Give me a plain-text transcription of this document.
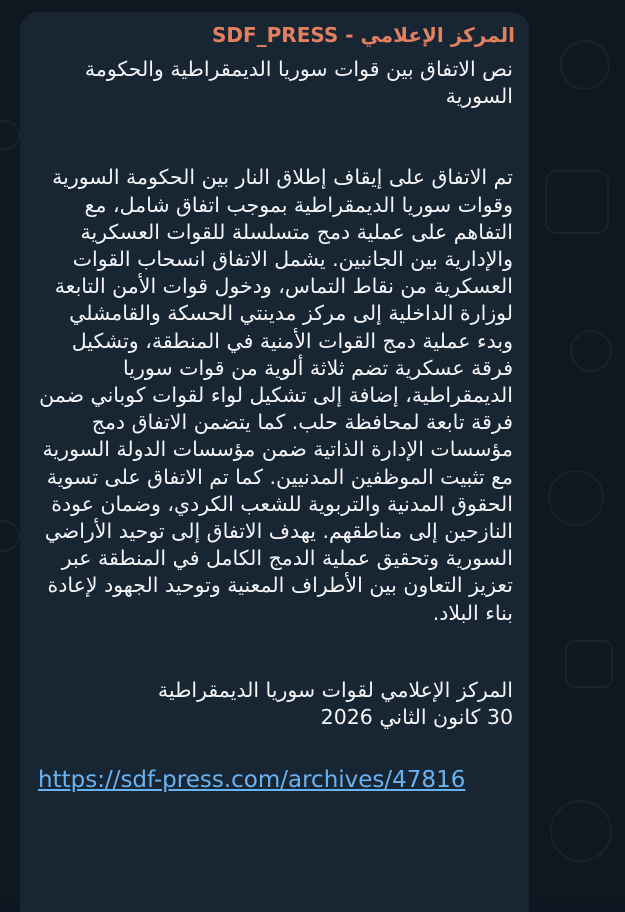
المركز الإعلامي - SDF_PRESS

نص الاتفاق بين قوات سوريا الديمقراطية والحكومة السورية

تم الاتفاق على إيقاف إطلاق النار بين الحكومة السورية وقوات سوريا الديمقراطية بموجب اتفاق شامل، مع التفاهم على عملية دمج متسلسلة للقوات العسكرية والإدارية بين الجانبين. يشمل الاتفاق انسحاب القوات العسكرية من نقاط التماس، ودخول قوات الأمن التابعة لوزارة الداخلية إلى مركز مدينتي الحسكة والقامشلي وبدء عملية دمج القوات الأمنية في المنطقة، وتشكيل فرقة عسكرية تضم ثلاثة ألوية من قوات سوريا الديمقراطية، إضافة إلى تشكيل لواء لقوات كوباني ضمن فرقة تابعة لمحافظة حلب. كما يتضمن الاتفاق دمج مؤسسات الإدارة الذاتية ضمن مؤسسات الدولة السورية مع تثبيت الموظفين المدنيين. كما تم الاتفاق على تسوية الحقوق المدنية والتربوية للشعب الكردي، وضمان عودة النازحين إلى مناطقهم. يهدف الاتفاق إلى توحيد الأراضي السورية وتحقيق عملية الدمج الكامل في المنطقة عبر تعزيز التعاون بين الأطراف المعنية وتوحيد الجهود لإعادة بناء البلاد.

المركز الإعلامي لقوات سوريا الديمقراطية

30 كانون الثاني 2026

https://sdf-press.com/archives/47816
